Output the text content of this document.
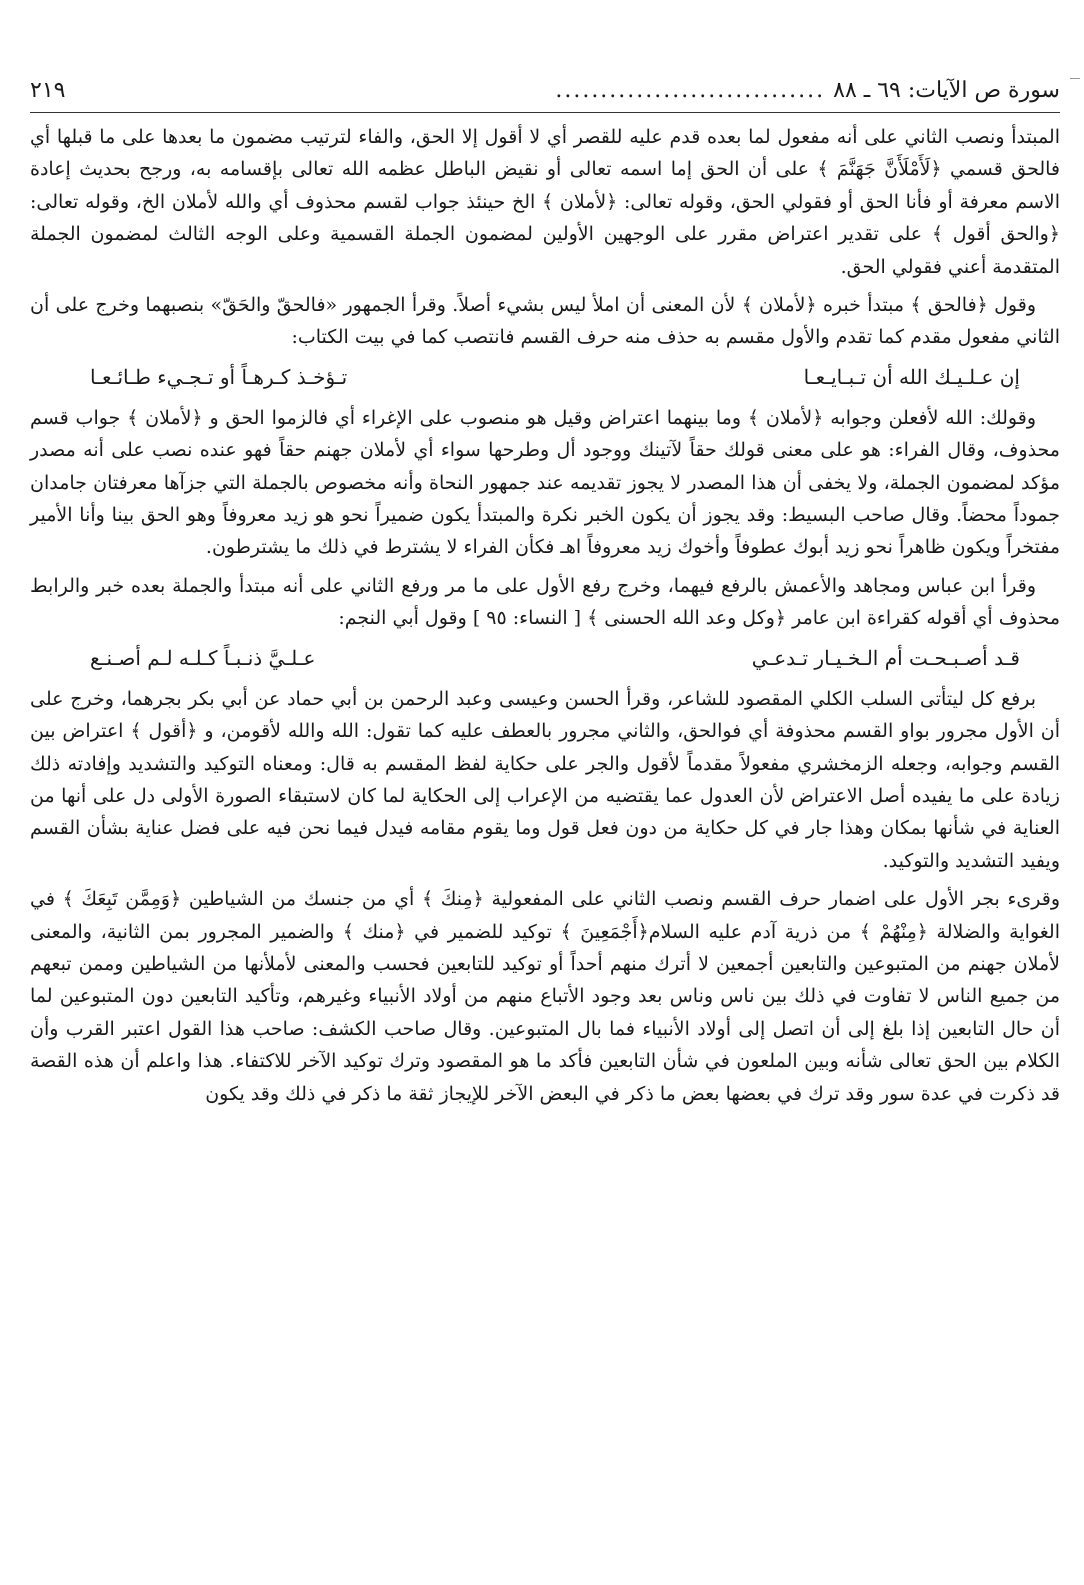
سورة ص الآيات: ٦٩ ـ ٨٨
..............................
٢١٩

المبتدأ ونصب الثاني على أنه مفعول لما بعده قدم عليه للقصر أي لا أقول إلا الحق، والفاء لترتيب مضمون ما بعدها على ما قبلها أي فالحق قسمي ﴿لَأَمْلَأَنَّ جَهَنَّمَ ﴾ على أن الحق إما اسمه تعالى أو نقيض الباطل عظمه الله تعالى بإقسامه به، ورجح بحديث إعادة الاسم معرفة أو فأنا الحق أو فقولي الحق، وقوله تعالى: ﴿لأملان ﴾ الخ حينئذ جواب لقسم محذوف أي والله لأملان الخ، وقوله تعالى: ﴿والحق أقول ﴾ على تقدير اعتراض مقرر على الوجهين الأولين لمضمون الجملة القسمية وعلى الوجه الثالث لمضمون الجملة المتقدمة أعني فقولي الحق.

وقول ﴿فالحق ﴾ مبتدأ خبره ﴿لأملان ﴾ لأن المعنى أن املأ ليس بشيء أصلاً. وقرأ الجمهور «فالحقّ والحَقّ» بنصبهما وخرج على أن الثاني مفعول مقدم كما تقدم والأول مقسم به حذف منه حرف القسم فانتصب كما في بيت الكتاب:

إن عـلـيـك الله أن تـبـايـعـا
تـؤخـذ كـرهـاً أو تـجـيء طـائـعـا

وقولك: الله لأفعلن وجوابه ﴿لأملان ﴾ وما بينهما اعتراض وقيل هو منصوب على الإغراء أي فالزموا الحق و ﴿لأملان ﴾ جواب قسم محذوف، وقال الفراء: هو على معنى قولك حقاً لآتينك ووجود أل وطرحها سواء أي لأملان جهنم حقاً فهو عنده نصب على أنه مصدر مؤكد لمضمون الجملة، ولا يخفى أن هذا المصدر لا يجوز تقديمه عند جمهور النحاة وأنه مخصوص بالجملة التي جزآها معرفتان جامدان جموداً محضاً. وقال صاحب البسيط: وقد يجوز أن يكون الخبر نكرة والمبتدأ يكون ضميراً نحو هو زيد معروفاً وهو الحق بينا وأنا الأمير مفتخراً ويكون ظاهراً نحو زيد أبوك عطوفاً وأخوك زيد معروفاً اهـ فكأن الفراء لا يشترط في ذلك ما يشترطون.

وقرأ ابن عباس ومجاهد والأعمش بالرفع فيهما، وخرج رفع الأول على ما مر ورفع الثاني على أنه مبتدأ والجملة بعده خبر والرابط محذوف أي أقوله كقراءة ابن عامر ﴿وكل وعد الله الحسنى ﴾ [ النساء: ٩٥ ] وقول أبي النجم:

قـد أصـبـحـت أم الـخـيـار تـدعـي
عـلـيَّ ذنـبـاً كـلـه لـم أصـنـع

برفع كل ليتأتى السلب الكلي المقصود للشاعر، وقرأ الحسن وعيسى وعبد الرحمن بن أبي حماد عن أبي بكر بجرهما، وخرج على أن الأول مجرور بواو القسم محذوفة أي فوالحق، والثاني مجرور بالعطف عليه كما تقول: الله والله لأقومن، و ﴿أقول ﴾ اعتراض بين القسم وجوابه، وجعله الزمخشري مفعولاً مقدماً لأقول والجر على حكاية لفظ المقسم به قال: ومعناه التوكيد والتشديد وإفادته ذلك زيادة على ما يفيده أصل الاعتراض لأن العدول عما يقتضيه من الإعراب إلى الحكاية لما كان لاستبقاء الصورة الأولى دل على أنها من العناية في شأنها بمكان وهذا جار في كل حكاية من دون فعل قول وما يقوم مقامه فيدل فيما نحن فيه على فضل عناية بشأن القسم ويفيد التشديد والتوكيد.

وقرىء بجر الأول على اضمار حرف القسم ونصب الثاني على المفعولية ﴿مِنكَ ﴾ أي من جنسك من الشياطين ﴿وَمِمَّن تَبِعَكَ ﴾ في الغواية والضلالة ﴿مِنْهُمْ ﴾ من ذرية آدم عليه السلام﴿أَجْمَعِينَ ﴾ توكيد للضمير في ﴿منك ﴾ والضمير المجرور بمن الثانية، والمعنى لأملان جهنم من المتبوعين والتابعين أجمعين لا أترك منهم أحداً أو توكيد للتابعين فحسب والمعنى لأملأنها من الشياطين وممن تبعهم من جميع الناس لا تفاوت في ذلك بين ناس وناس بعد وجود الأتباع منهم من أولاد الأنبياء وغيرهم، وتأكيد التابعين دون المتبوعين لما أن حال التابعين إذا بلغ إلى أن اتصل إلى أولاد الأنبياء فما بال المتبوعين. وقال صاحب الكشف: صاحب هذا القول اعتبر القرب وأن الكلام بين الحق تعالى شأنه وبين الملعون في شأن التابعين فأكد ما هو المقصود وترك توكيد الآخر للاكتفاء. هذا واعلم أن هذه القصة قد ذكرت في عدة سور وقد ترك في بعضها بعض ما ذكر في البعض الآخر للإيجاز ثقة ما ذكر في ذلك وقد يكون
